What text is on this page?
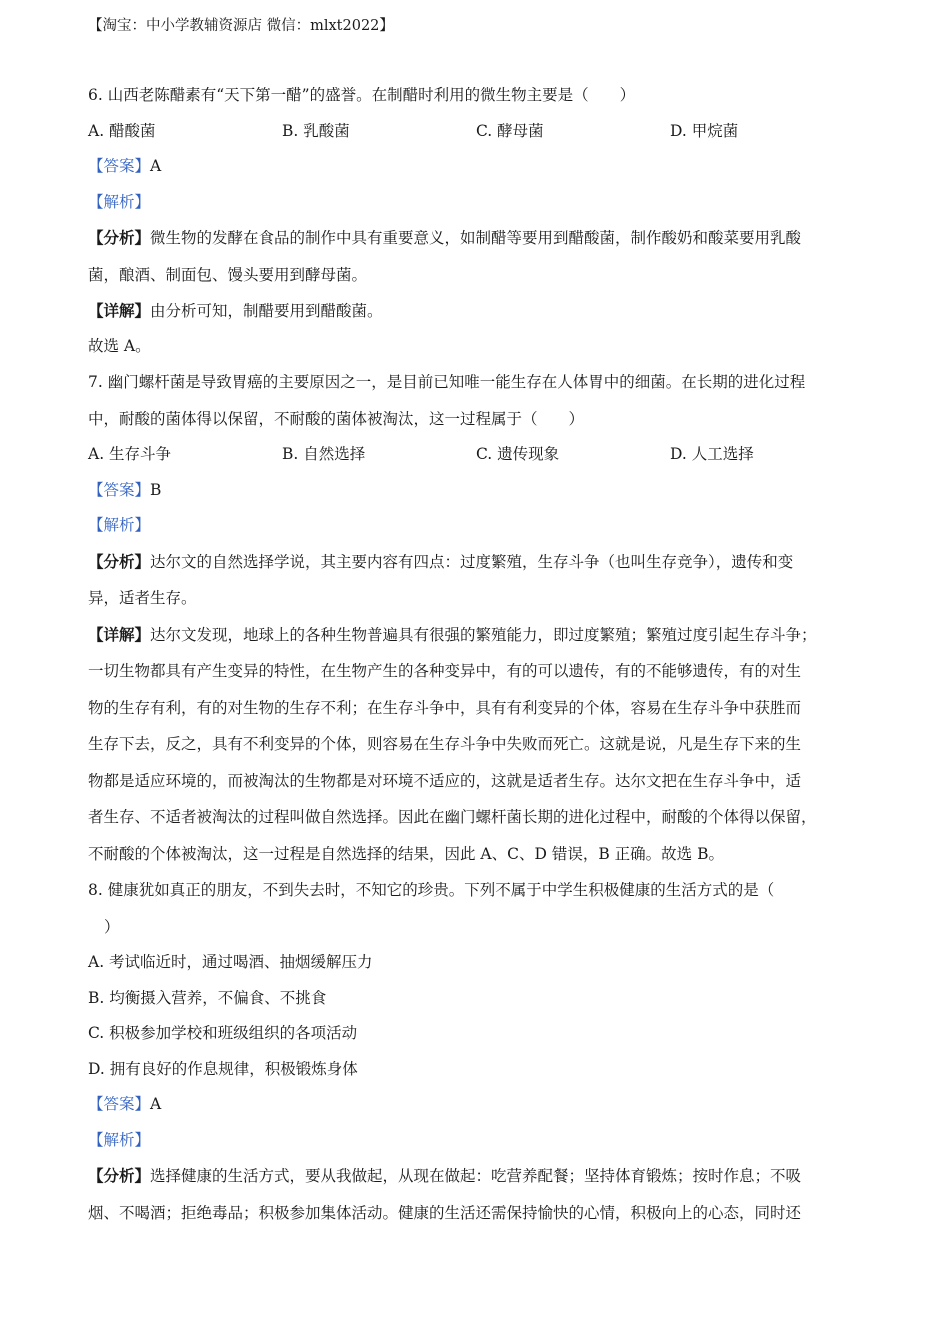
【淘宝：中小学教辅资源店 微信：mlxt2022】
6. 山西老陈醋素有“天下第一醋”的盛誉。在制醋时利用的微生物主要是（　　）
A. 醋酸菌	B. 乳酸菌	C. 酵母菌	D. 甲烷菌
【答案】A
【解析】
【分析】微生物的发酵在食品的制作中具有重要意义，如制醋等要用到醋酸菌，制作酸奶和酸菜要用乳酸
菌，酿酒、制面包、馒头要用到酵母菌。
【详解】由分析可知，制醋要用到醋酸菌。
故选 A。
7. 幽门螺杆菌是导致胃癌的主要原因之一，是目前已知唯一能生存在人体胃中的细菌。在长期的进化过程
中，耐酸的菌体得以保留，不耐酸的菌体被淘汰，这一过程属于（　　）
A. 生存斗争	B. 自然选择	C. 遗传现象	D. 人工选择
【答案】B
【解析】
【分析】达尔文的自然选择学说，其主要内容有四点：过度繁殖，生存斗争（也叫生存竞争），遗传和变
异，适者生存。
【详解】达尔文发现，地球上的各种生物普遍具有很强的繁殖能力，即过度繁殖；繁殖过度引起生存斗争；
一切生物都具有产生变异的特性，在生物产生的各种变异中，有的可以遗传，有的不能够遗传，有的对生
物的生存有利，有的对生物的生存不利；在生存斗争中，具有有利变异的个体，容易在生存斗争中获胜而
生存下去，反之，具有不利变异的个体，则容易在生存斗争中失败而死亡。这就是说，凡是生存下来的生
物都是适应环境的，而被淘汰的生物都是对环境不适应的，这就是适者生存。达尔文把在生存斗争中，适
者生存、不适者被淘汰的过程叫做自然选择。因此在幽门螺杆菌长期的进化过程中，耐酸的个体得以保留，
不耐酸的个体被淘汰，这一过程是自然选择的结果，因此 A、C、D 错误，B 正确。故选 B。
8. 健康犹如真正的朋友，不到失去时，不知它的珍贵。下列不属于中学生积极健康的生活方式的是（
）
A. 考试临近时，通过喝酒、抽烟缓解压力
B. 均衡摄入营养，不偏食、不挑食
C. 积极参加学校和班级组织的各项活动
D. 拥有良好的作息规律，积极锻炼身体
【答案】A
【解析】
【分析】选择健康的生活方式，要从我做起，从现在做起：吃营养配餐；坚持体育锻炼；按时作息；不吸
烟、不喝酒；拒绝毒品；积极参加集体活动。健康的生活还需保持愉快的心情，积极向上的心态，同时还
